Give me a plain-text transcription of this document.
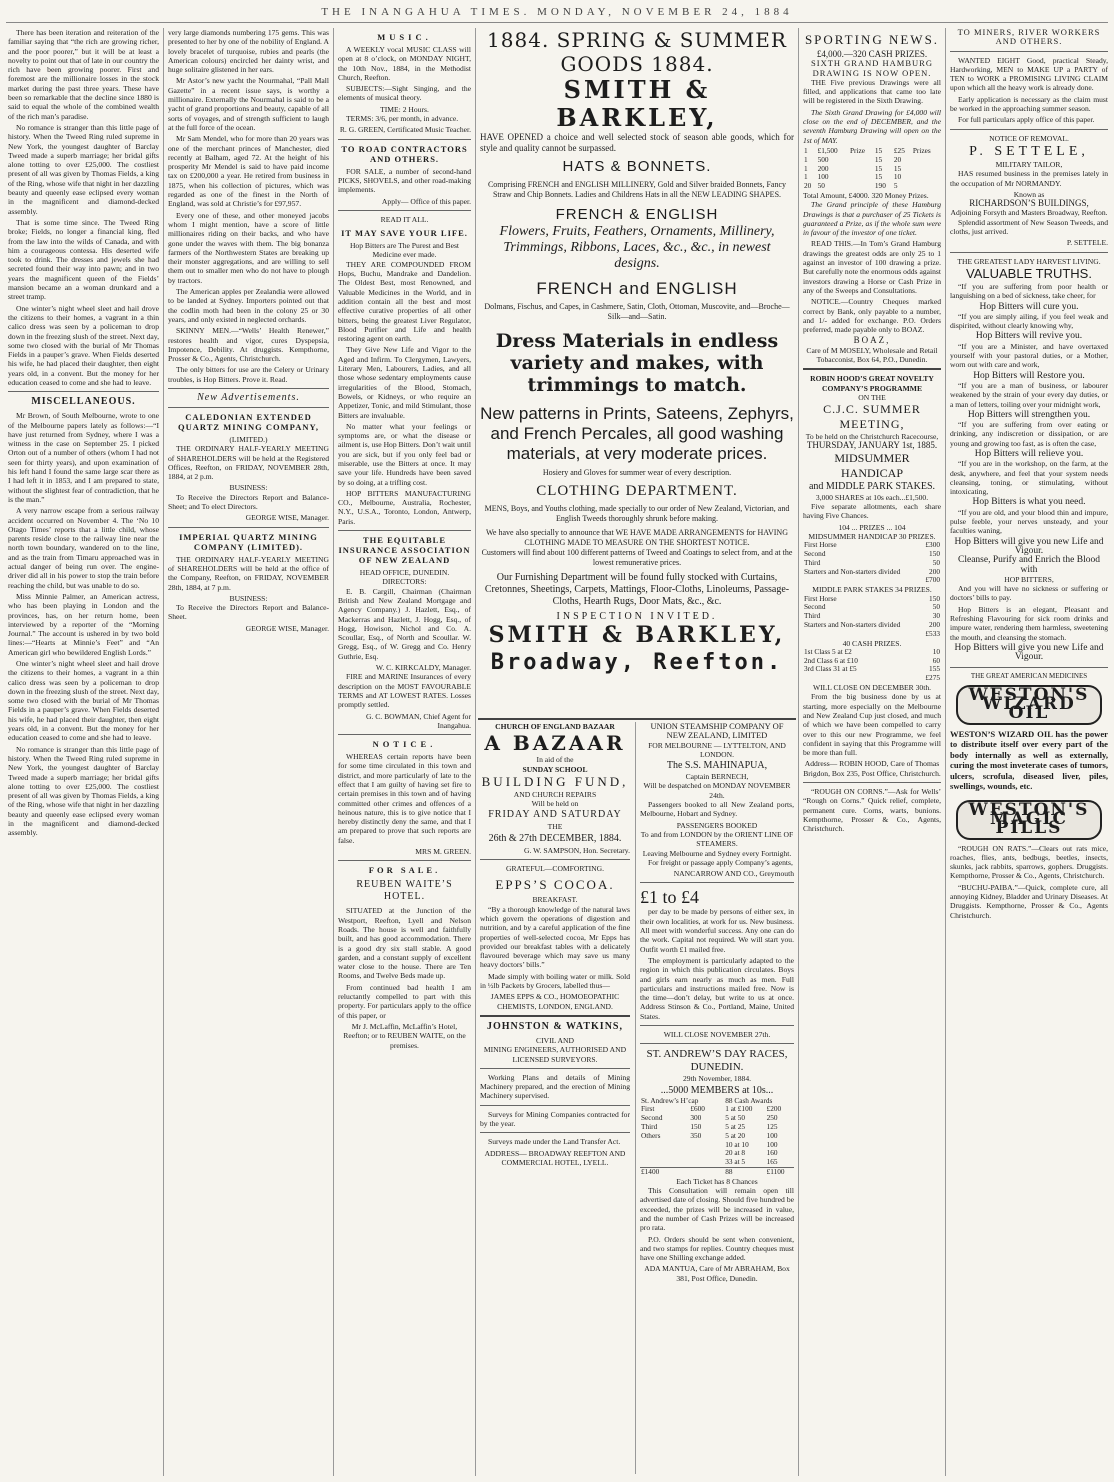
THE INANGAHUA TIMES. MONDAY, NOVEMBER 24, 1884

There has been iteration and reiteration of the familiar saying that “the rich are growing richer, and the poor poorer,” but it will be at least a novelty to point out that of late in our country the rich have been growing poorer. First and foremost are the millionaire losses in the stock market during the past three years. These have been so remarkable that the decline since 1880 is said to equal the whole of the combined wealth of the rich man’s paradise.

No romance is stranger than this little page of history. When the Tweed Ring ruled supreme in New York, the youngest daughter of Barclay Tweed made a superb marriage; her bridal gifts alone totting to over £25,000. The costliest present of all was given by Thomas Fields, a king of the Ring, whose wife that night in her dazzling beauty and queenly ease eclipsed every woman in the magnificent and diamond-decked assembly.

That is some time since. The Tweed Ring broke; Fields, no longer a financial king, fled from the law into the wilds of Canada, and with him a courageous contessa. His deserted wife took to drink. The dresses and jewels she had secreted found their way into pawn; and in two years the magnificent queen of the Fields’ mansion became an a woman drunkard and a street tramp.

One winter’s night wheel sleet and hail drove the citizens to their homes, a vagrant in a thin calico dress was seen by a policeman to drop down in the freezing slush of the street. Next day, some two closed with the burial of Mr Thomas Fields in a pauper’s grave. When Fields deserted his wife, he had placed their daughter, then eight years old, in a convent. But the money for her education ceased to come and she had to leave.

MISCELLANEOUS.

Mr Brown, of South Melbourne, wrote to one of the Melbourne papers lately as follows:—“I have just returned from Sydney, where I was a witness in the case on September 25. I picked Orton out of a number of others (whom I had not seen for thirty years), and upon examination of his left hand I found the same large scar there as I had left it in 1853, and I am prepared to state, without the slightest fear of contradiction, that he is the man.”

A very narrow escape from a serious railway accident occurred on November 4. The ‘No 10 Otago Times’ reports that a little child, whose parents reside close to the railway line near the north town boundary, wandered on to the line, and as the train from Timaru approached was in actual danger of being run over. The engine-driver did all in his power to stop the train before reaching the child, but was unable to do so.

Miss Minnie Palmer, an American actress, who has been playing in London and the provinces, has, on her return home, been interviewed by a reporter of the “Morning Journal.” The account is ushered in by two bold lines:—“Hearts at Minnie’s Feet” and “An American girl who bewildered English Lords.”

One winter’s night wheel sleet and hail drove the citizens to their homes, a vagrant in a thin calico dress was seen by a policeman to drop down in the freezing slush of the street. Next day, some two closed with the burial of Mr Thomas Fields in a pauper’s grave. When Fields deserted his wife, he had placed their daughter, then eight years old, in a convent. But the money for her education ceased to come and she had to leave.

No romance is stranger than this little page of history. When the Tweed Ring ruled supreme in New York, the youngest daughter of Barclay Tweed made a superb marriage; her bridal gifts alone totting to over £25,000. The costliest present of all was given by Thomas Fields, a king of the Ring, whose wife that night in her dazzling beauty and queenly ease eclipsed every woman in the magnificent and diamond-decked assembly.

very large diamonds numbering 175 gems. This was presented to her by one of the nobility of England. A lovely bracelet of turquoise, rubies and pearls (the American colours) encircled her dainty wrist, and huge solitaire glistened in her ears.

Mr Astor’s new yacht the Nourmahal, “Pall Mall Gazette” in a recent issue says, is worthy a millionaire. Externally the Nourmahal is said to be a yacht of grand proportions and beauty, capable of all sorts of voyages, and of strength sufficient to laugh at the full force of the ocean.

Mr Sam Mendel, who for more than 20 years was one of the merchant princes of Manchester, died recently at Balham, aged 72. At the height of his prosperity Mr Mendel is said to have paid income tax on £200,000 a year. He retired from business in 1875, when his collection of pictures, which was regarded as one of the finest in the North of England, was sold at Christie’s for £97,957.

Every one of these, and other moneyed jacobs whom I might mention, have a score of little millionaires riding on their backs, and who have gone under the waves with them. The big bonanza farmers of the Northwestern States are breaking up their monster aggregations, and are willing to sell them out to smaller men who do not have to plough by tractors.

The American apples per Zealandia were allowed to be landed at Sydney. Importers pointed out that the codlin moth had been in the colony 25 or 30 years, and only existed in neglected orchards.

SKINNY MEN.—“Wells’ Health Renewer,” restores health and vigor, cures Dyspepsia, Impotence, Debility. At druggists. Kempthorne, Prosser & Co., Agents, Christchurch.

The only bitters for use are the Celery or Urinary troubles, is Hop Bitters. Prove it. Read.

New Advertisements.
CALEDONIAN EXTENDED QUARTZ MINING COMPANY,
(LIMITED.)

THE ORDINARY HALF-YEARLY MEETING of SHAREHOLDERS will be held at the Registered Offices, Reefton, on FRIDAY, NOVEMBER 28th, 1884, at 2 p.m.

BUSINESS:

To Receive the Directors Report and Balance-Sheet; and To elect Directors.

GEORGE WISE, Manager.
IMPERIAL QUARTZ MINING COMPANY (LIMITED).

THE ORDINARY HALF-YEARLY MEETING of SHAREHOLDERS will be held at the office of the Company, Reefton, on FRIDAY, NOVEMBER 28th, 1884, at 7 p.m.

BUSINESS:

To Receive the Directors Report and Balance-Sheet.

GEORGE WISE, Manager.
MUSIC.

A WEEKLY vocal MUSIC CLASS will open at 8 o’clock, on MONDAY NIGHT, the 10th Nov., 1884, in the Methodist Church, Reefton.

SUBJECTS:—Sight Singing, and the elements of musical theory.

TIME: 2 Hours.

TERMS: 3/6, per month, in advance.

R. G. GREEN, Certificated Music Teacher.
TO ROAD CONTRACTORS AND OTHERS.

FOR SALE, a number of second-hand PICKS, SHOVELS, and other road-making implements.

Apply— Office of this paper.
READ IT ALL.
IT MAY SAVE YOUR LIFE.
Hop Bitters are The Purest and Best Medicine ever made.

THEY ARE COMPOUNDED FROM Hops, Buchu, Mandrake and Dandelion. The Oldest Best, most Renowned, and Valuable Medicines in the World, and in addition contain all the best and most effective curative properties of all other bitters, being the greatest Liver Regulator, Blood Purifier and Life and health restoring agent on earth.

They Give New Life and Vigor to the Aged and Infirm. To Clergymen, Lawyers, Literary Men, Labourers, Ladies, and all those whose sedentary employments cause irregularities of the Blood, Stomach, Bowels, or Kidneys, or who require an Appetizer, Tonic, and mild Stimulant, those Bitters are invaluable.

No matter what your feelings or symptoms are, or what the disease or ailment is, use Hop Bitters. Don’t wait until you are sick, but if you only feel bad or miserable, use the Bitters at once. It may save your life. Hundreds have been saved by so doing, at a trifling cost.

HOP BITTERS MANUFACTURING CO., Melbourne, Australia, Rochester, N.Y., U.S.A., Toronto, London, Antwerp, Paris.

THE EQUITABLE INSURANCE ASSOCIATION OF NEW ZEALAND
HEAD OFFICE, DUNEDIN.
DIRECTORS:

E. B. Cargill, Chairman (Chairman British and New Zealand Mortgage and Agency Company.) J. Hazlett, Esq., of Mackerras and Hazlett, J. Hogg, Esq., of Hogg, Howison, Nichol and Co. A. Scoullar, Esq., of North and Scoullar. W. Gregg, Esq., of W. Gregg and Co. Henry Guthrie, Esq.

W. C. KIRKCALDY, Manager.

FIRE and MARINE Insurances of every description on the MOST FAVOURABLE TERMS and AT LOWEST RATES. Losses promptly settled.

G. C. BOWMAN, Chief Agent for Inangahua.
NOTICE.

WHEREAS certain reports have been for some time circulated in this town and district, and more particularly of late to the effect that I am guilty of having set fire to certain premises in this town and of having committed other crimes and offences of a heinous nature, this is to give notice that I hereby distinctly deny the same, and that I am prepared to prove that such reports are false.

MRS M. GREEN.
FOR SALE.
REUBEN WAITE’S HOTEL.

SITUATED at the Junction of the Westport, Reefton, Lyell and Nelson Roads. The house is well and faithfully built, and has good accommodation. There is a good dry six stall stable. A good garden, and a constant supply of excellent water close to the house. There are Ten Rooms, and Twelve Beds made up.

From continued bad health I am reluctantly compelled to part with this property. For particulars apply to the office of this paper, or

Mr J. McLaffin, McLaffin’s Hotel, Reefton; or to REUBEN WAITE, on the premises.
1884. SPRING & SUMMER GOODS 1884.
SMITH & BARKLEY,

HAVE OPENED a choice and well selected stock of season able goods, which for style and quality cannot be surpassed.

HATS & BONNETS.
Comprising FRENCH and ENGLISH MILLINERY, Gold and Silver braided Bonnets, Fancy Straw and Chip Bonnets. Ladies and Childrens Hats in all the NEW LEADING SHAPES.
FRENCH & ENGLISH
Flowers, Fruits, Feathers, Ornaments, Millinery,
Trimmings, Ribbons, Laces, &c., &c., in newest designs.
FRENCH and ENGLISH
Dolmans, Fischus, and Capes, in Cashmere, Satin, Cloth, Ottoman, Muscovite, and—Broche—Silk—and—Satin.
Dress Materials in endless variety and makes, with trimmings to match.
New patterns in Prints, Sateens, Zephyrs, and French Percales, all good washing materials, at very moderate prices.
Hosiery and Gloves for summer wear of every description.
CLOTHING DEPARTMENT.
MENS, Boys, and Youths clothing, made specially to our order of New Zealand, Victorian, and English Tweeds thoroughly shrunk before making.
We have also specially to announce that WE HAVE MADE ARRANGEMENTS for HAVING CLOTHING MADE TO MEASURE ON THE SHORTEST NOTICE.
Customers will find about 100 different patterns of Tweed and Coatings to select from, and at the lowest remunerative prices.
Our Furnishing Department will be found fully stocked with Curtains, Cretonnes, Sheetings, Carpets, Mattings, Floor-Cloths, Linoleums, Passage-Cloths, Hearth Rugs, Door Mats, &c., &c.
INSPECTION INVITED.
SMITH & BARKLEY,
Broadway, Reefton.
CHURCH OF ENGLAND BAZAAR
A BAZAAR
In aid of the
SUNDAY SCHOOL
BUILDING FUND,
AND CHURCH REPAIRS
Will be held on
FRIDAY AND SATURDAY
THE
26th & 27th DECEMBER, 1884.
G. W. SAMPSON, Hon. Secretary.
GRATEFUL—COMFORTING.
EPPS’S COCOA.
BREAKFAST.

“By a thorough knowledge of the natural laws which govern the operations of digestion and nutrition, and by a careful application of the fine properties of well-selected cocoa, Mr Epps has provided our breakfast tables with a delicately flavoured beverage which may save us many heavy doctors’ bills.”

Made simply with boiling water or milk. Sold in ½lb Packets by Grocers, labelled thus—

JAMES EPPS & CO., HOMOEOPATHIC CHEMISTS, LONDON, ENGLAND.
JOHNSTON & WATKINS,
CIVIL AND
MINING ENGINEERS, AUTHORISED AND LICENSED SURVEYORS.

Working Plans and details of Mining Machinery prepared, and the erection of Mining Machinery supervised.

Surveys for Mining Companies contracted for by the year.

Surveys made under the Land Transfer Act.

ADDRESS— BROADWAY REEFTON AND COMMERCIAL HOTEL, LYELL.
UNION STEAMSHIP COMPANY OF NEW ZEALAND, LIMITED
FOR MELBOURNE — LYTTELTON, AND LONDON.
The S.S. MAHINAPUA,
Captain BERNECH,
Will be despatched on MONDAY NOVEMBER 24th.

Passengers booked to all New Zealand ports, Melbourne, Hobart and Sydney.

PASSENGERS BOOKED
To and from LONDON by the ORIENT LINE OF STEAMERS.
Leaving Melbourne and Sydney every Fortnight.

For freight or passage apply Company’s agents,

NANCARROW AND CO., Greymouth
£1 to £4

per day to be made by persons of either sex, in their own localities, at work for us. New business. All meet with wonderful success. Any one can do the work. Capital not required. We will start you. Outfit worth £1 mailed free.

The employment is particularly adapted to the region in which this publication circulates. Boys and girls earn nearly as much as men. Full particulars and instructions mailed free. Now is the time—don’t delay, but write to us at once. Address Stinson & Co., Portland, Maine, United States.

WILL CLOSE NOVEMBER 27th.
ST. ANDREW’S DAY RACES, DUNEDIN.
29th November, 1884.
...5000 MEMBERS at 10s...
St. Andrew’s H’cap		88 Cash Awards	
First	£600	1 at £100	£200
Second	300	5 at 50	250
Third	150	5 at 25	125
Others	350	5 at 20	100
		10 at 10	100
		20 at 8	160
		33 at 5	165
£1400		88	£1100
Each Ticket has 8 Chances

This Consultation will remain open till advertised date of closing. Should five hundred be exceeded, the prizes will be increased in value, and the number of Cash Prizes will be increased pro rata.

P.O. Orders should be sent when convenient, and two stamps for replies. Country cheques must have one Shilling exchange added.

ADA MANTUA, Care of Mr ABRAHAM, Box 381, Post Office, Dunedin.
SPORTING NEWS.
£4,000.—320 CASH PRIZES.
SIXTH GRAND HAMBURG DRAWING IS NOW OPEN.

THE Five previous Drawings were all filled, and applications that came too late will be registered in the Sixth Drawing.

The Sixth Grand Drawing for £4,000 will close on the end of DECEMBER, and the seventh Hamburg Drawing will open on the 1st of MAY.

1	£1,500	Prize	15	£25	Prizes
1	500		15	20	
1	200		15	15	
1	100		15	10	
20	50		190	5	
Total Amount, £4000. 320 Money Prizes.

The Grand principle of these Hamburg Drawings is that a purchaser of 25 Tickets is guaranteed a Prize, as if the whole sum were in favour of the investor of one ticket.

READ THIS.—In Tom’s Grand Hamburg drawings the greatest odds are only 25 to 1 against an investor of 100 drawing a prize. But carefully note the enormous odds against investors drawing a Horse or Cash Prize in any of the Sweeps and Consultations.

NOTICE.—Country Cheques marked correct by Bank, only payable to a number, and 1/- added for exchange. P.O. Orders preferred, made payable only to BOAZ.

BOAZ,
Care of M MOSELY, Wholesale and Retail Tobacconist, Box 64, P.O., Dunedin.
ROBIN HOOD’S GREAT NOVELTY COMPANY’S PROGRAMME
ON THE
C.J.C. SUMMER MEETING,
To be held on the Christchurch Racecourse,
THURSDAY, JANUARY 1st, 1885.
MIDSUMMER HANDICAP
and MIDDLE PARK STAKES.
3,000 SHARES at 10s each...£1,500.

Five separate allotments, each share having Five Chances.

104 ... PRIZES ... 104
MIDSUMMER HANDICAP 30 PRIZES.
First Horse	£300
Second	150
Third	50
Starters and Non-starters divided	200
	£700
MIDDLE PARK STAKES 34 PRIZES.
First Horse	150
Second	50
Third	30
Starters and Non-starters divided	200
	£533
40 CASH PRIZES.
1st Class 5 at £2	10
2nd Class 6 at £10	60
3rd Class 31 at £5	155
	£275
WILL CLOSE ON DECEMBER 30th.

From the big business done by us at starting, more especially on the Melbourne and New Zealand Cup just closed, and much of which we have been compelled to carry over to this our new Programme, we feel confident in saying that this Programme will be more than full.

Address— ROBIN HOOD, Care of Thomas Brigdon, Box 235, Post Office, Christchurch.

“ROUGH ON CORNS.”—Ask for Wells’ “Rough on Corns.” Quick relief, complete, permanent cure. Corns, warts, bunions. Kempthorne, Prosser & Co., Agents, Christchurch.

TO MINERS, RIVER WORKERS AND OTHERS.

WANTED EIGHT Good, practical Steady, Hardworking, MEN to MAKE UP a PARTY of TEN to WORK a PROMISING LIVING CLAIM upon which all the heavy work is already done.

Early application is necessary as the claim must be worked in the approaching summer season.

For full particulars apply office of this paper.

NOTICE OF REMOVAL.
P. SETTELE,
MILITARY TAILOR,

HAS resumed business in the premises lately in the occupation of Mr NORMANDY.

Known as
RICHARDSON’S BUILDINGS,
Adjoining Forsyth and Masters Broadway, Reefton.

Splendid assortment of New Season Tweeds, and cloths, just arrived.

P. SETTELE.
THE GREATEST LADY HARVEST LIVING.
VALUABLE TRUTHS.

“If you are suffering from poor health or languishing on a bed of sickness, take cheer, for

Hop Bitters will cure you.

“If you are simply ailing, if you feel weak and dispirited, without clearly knowing why,

Hop Bitters will revive you.

“If you are a Minister, and have overtaxed yourself with your pastoral duties, or a Mother, worn out with care and work,

Hop Bitters will Restore you.

“If you are a man of business, or labourer weakened by the strain of your every day duties, or a man of letters, toiling over your midnight work,

Hop Bitters will strengthen you.

“If you are suffering from over eating or drinking, any indiscretion or dissipation, or are young and growing too fast, as is often the case,

Hop Bitters will relieve you.

“If you are in the workshop, on the farm, at the desk, anywhere, and feel that your system needs cleansing, toning, or stimulating, without intoxicating,

Hop Bitters is what you need.

“If you are old, and your blood thin and impure, pulse feeble, your nerves unsteady, and your faculties waning,

Hop Bitters will give you new Life and Vigour.
Cleanse, Purify and Enrich the Blood with
HOP BITTERS,

And you will have no sickness or suffering or doctors’ bills to pay.

Hop Bitters is an elegant, Pleasant and Refreshing Flavouring for sick room drinks and impure water, rendering them harmless, sweetening the mouth, and cleansing the stomach.

Hop Bitters will give you new Life and Vigour.
THE GREAT AMERICAN MEDICINES
WESTON'S WIZARD OIL

WESTON’S WIZARD OIL has the power to distribute itself over every part of the body internally as well as externally, curing the most inveterate cases of tumors, ulcers, scrofula, diseased liver, piles, swellings, wounds, etc.

WESTON'S MAGIC PILLS

“ROUGH ON RATS.”—Clears out rats mice, roaches, flies, ants, bedbugs, beetles, insects, skunks, jack rabbits, sparrows, gophers. Druggists. Kempthorne, Prosser & Co., Agents, Christchurch.

“BUCHU-PAIBA.”—Quick, complete cure, all annoying Kidney, Bladder and Urinary Diseases. At Druggists. Kempthorne, Prosser & Co., Agents Christchurch.
